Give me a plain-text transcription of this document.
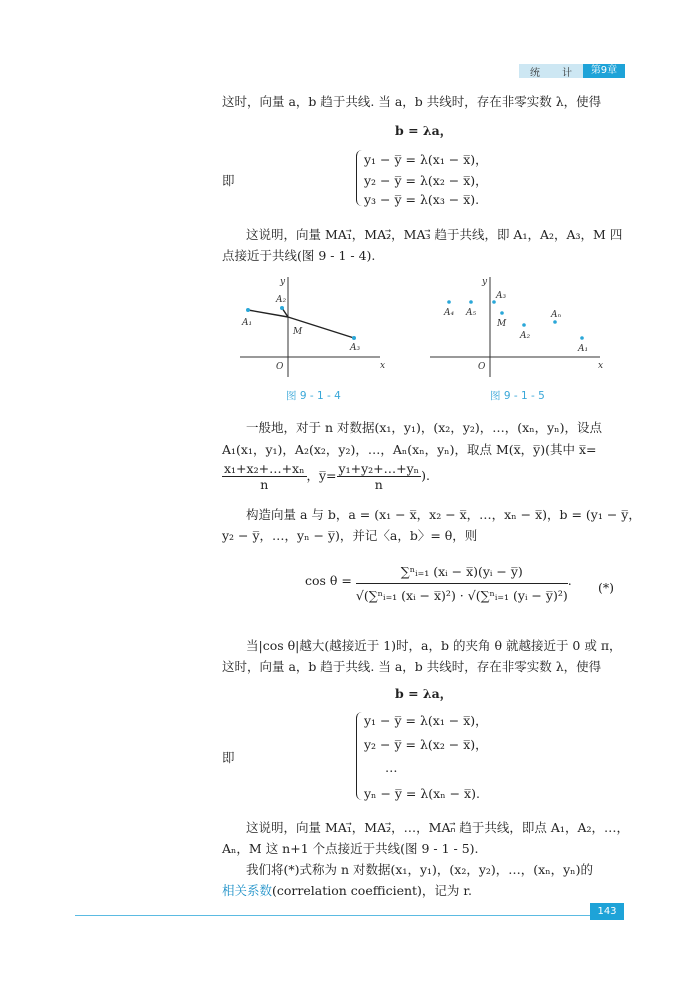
统 计	第9章
这时，向量 a，b 趋于共线. 当 a，b 共线时，存在非零实数 λ，使得
b = λa，
即
y₁ − y̅ = λ(x₁ − x̅)，
y₂ − y̅ = λ(x₂ − x̅)，
y₃ − y̅ = λ(x₃ − x̅).
这说明，向量 MA₁⃗，MA₂⃗，MA₃⃗ 趋于共线，即 A₁，A₂，A₃，M 四
点接近于共线(图 9 - 1 - 4).
y
x
O
A₁
A₂
A₃
M
图 9 - 1 - 4
y
x
O
A₄ A₅
A₃
M
A₂
Aₙ
A₁
图 9 - 1 - 5
一般地，对于 n 对数据(x₁，y₁)，(x₂，y₂)，…，(xₙ，yₙ)，设点
A₁(x₁，y₁)，A₂(x₂，y₂)，…，Aₙ(xₙ，yₙ)，取点 M(x̅，y̅)(其中 x̅=
$\frac{\text{x₁+x₂+…+xₙ}}{n}$ ，y̅= $\frac{\text{y₁+y₂+…+yₙ}}{n}$ ).
构造向量 a 与 b，a = (x₁ − x̅，x₂ − x̅，…，xₙ − x̅)，b = (y₁ − y̅，
y₂ − y̅，…，yₙ − y̅)，并记〈a，b〉= θ，则
$\cos \theta = \frac{\text{∑ⁿᵢ₌₁ (xᵢ − x̅)(yᵢ − y̅)}}{\text{√(∑ⁿᵢ₌₁ (xᵢ − x̅)²) · √(∑ⁿᵢ₌₁ (yᵢ − y̅)²)}}$ . (*)
当|cos θ|越大(越接近于 1)时，a，b 的夹角 θ 就越接近于 0 或 π，
这时，向量 a，b 趋于共线. 当 a，b 共线时，存在非零实数 λ，使得
b = λa，
即
y₁ − y̅ = λ(x₁ − x̅)，
y₂ − y̅ = λ(x₂ − x̅)，
…
yₙ − y̅ = λ(xₙ − x̅).
这说明，向量 MA₁⃗，MA₂⃗，…，MAₙ⃗ 趋于共线，即点 A₁，A₂，…，
Aₙ，M 这 n+1 个点接近于共线(图 9 - 1 - 5).
我们将(*)式称为 n 对数据(x₁，y₁)，(x₂，y₂)，…，(xₙ，yₙ)的
相关系数(correlation coefficient)，记为 r.
143
